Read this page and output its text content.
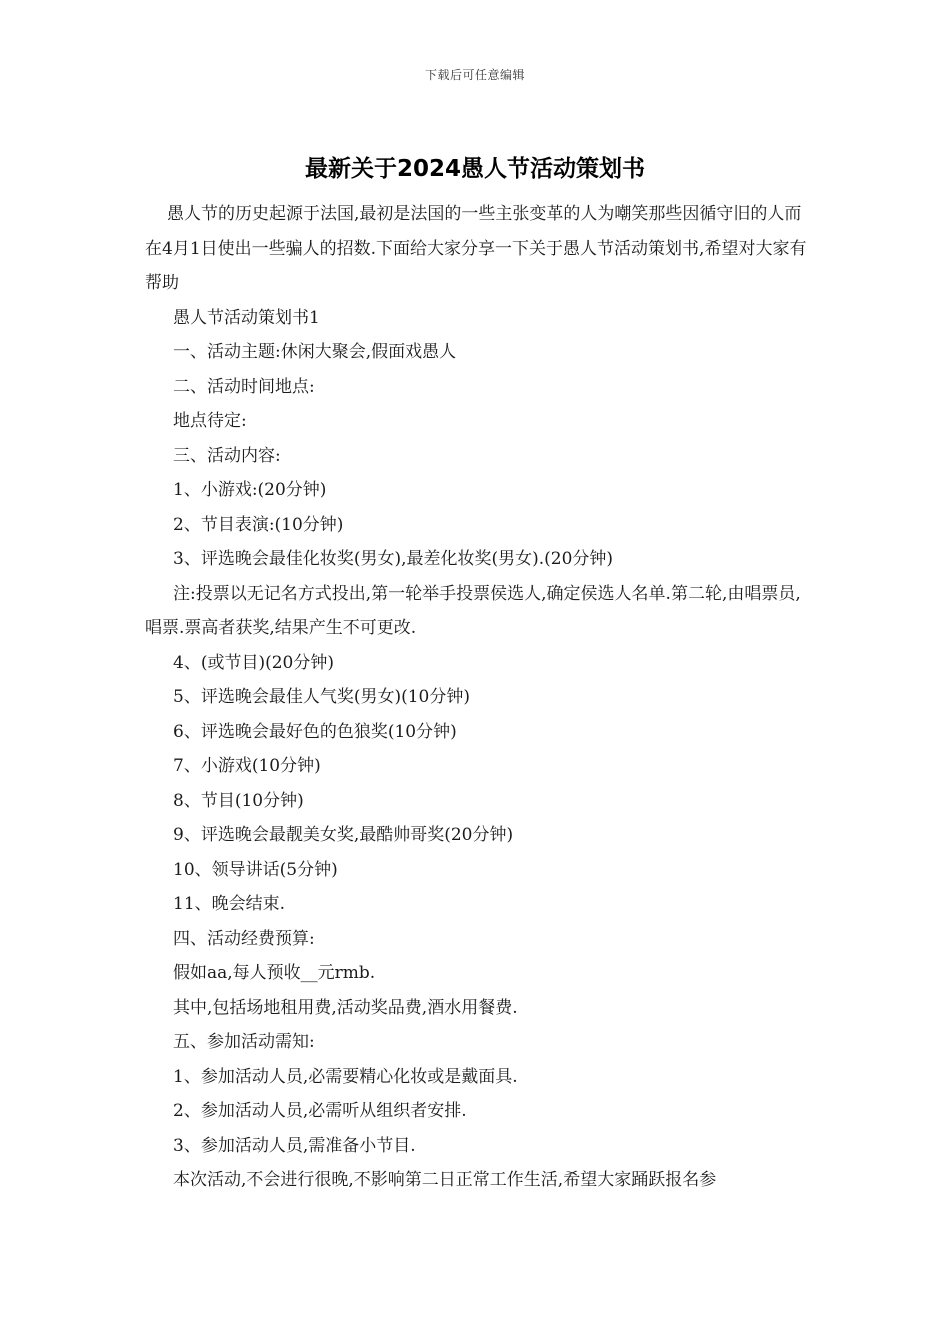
下载后可任意编辑
最新关于2024愚人节活动策划书

愚人节的历史起源于法国,最初是法国的一些主张变革的人为嘲笑那些因循守旧的人而在4月1日使出一些骗人的招数.下面给大家分享一下关于愚人节活动策划书,希望对大家有帮助

愚人节活动策划书1

一、活动主题:休闲大聚会,假面戏愚人

二、活动时间地点:

地点待定:

三、活动内容:

1、小游戏:(20分钟)

2、节目表演:(10分钟)

3、评选晚会最佳化妆奖(男女),最差化妆奖(男女).(20分钟)

注:投票以无记名方式投出,第一轮举手投票侯选人,确定侯选人名单.第二轮,由唱票员,唱票.票高者获奖,结果产生不可更改.

4、(或节目)(20分钟)

5、评选晚会最佳人气奖(男女)(10分钟)

6、评选晚会最好色的色狼奖(10分钟)

7、小游戏(10分钟)

8、节目(10分钟)

9、评选晚会最靓美女奖,最酷帅哥奖(20分钟)

10、领导讲话(5分钟)

11、晚会结束.

四、活动经费预算:

假如aa,每人预收__元rmb.

其中,包括场地租用费,活动奖品费,酒水用餐费.

五、参加活动需知:

1、参加活动人员,必需要精心化妆或是戴面具.

2、参加活动人员,必需听从组织者安排.

3、参加活动人员,需准备小节目.

本次活动,不会进行很晚,不影响第二日正常工作生活,希望大家踊跃报名参
